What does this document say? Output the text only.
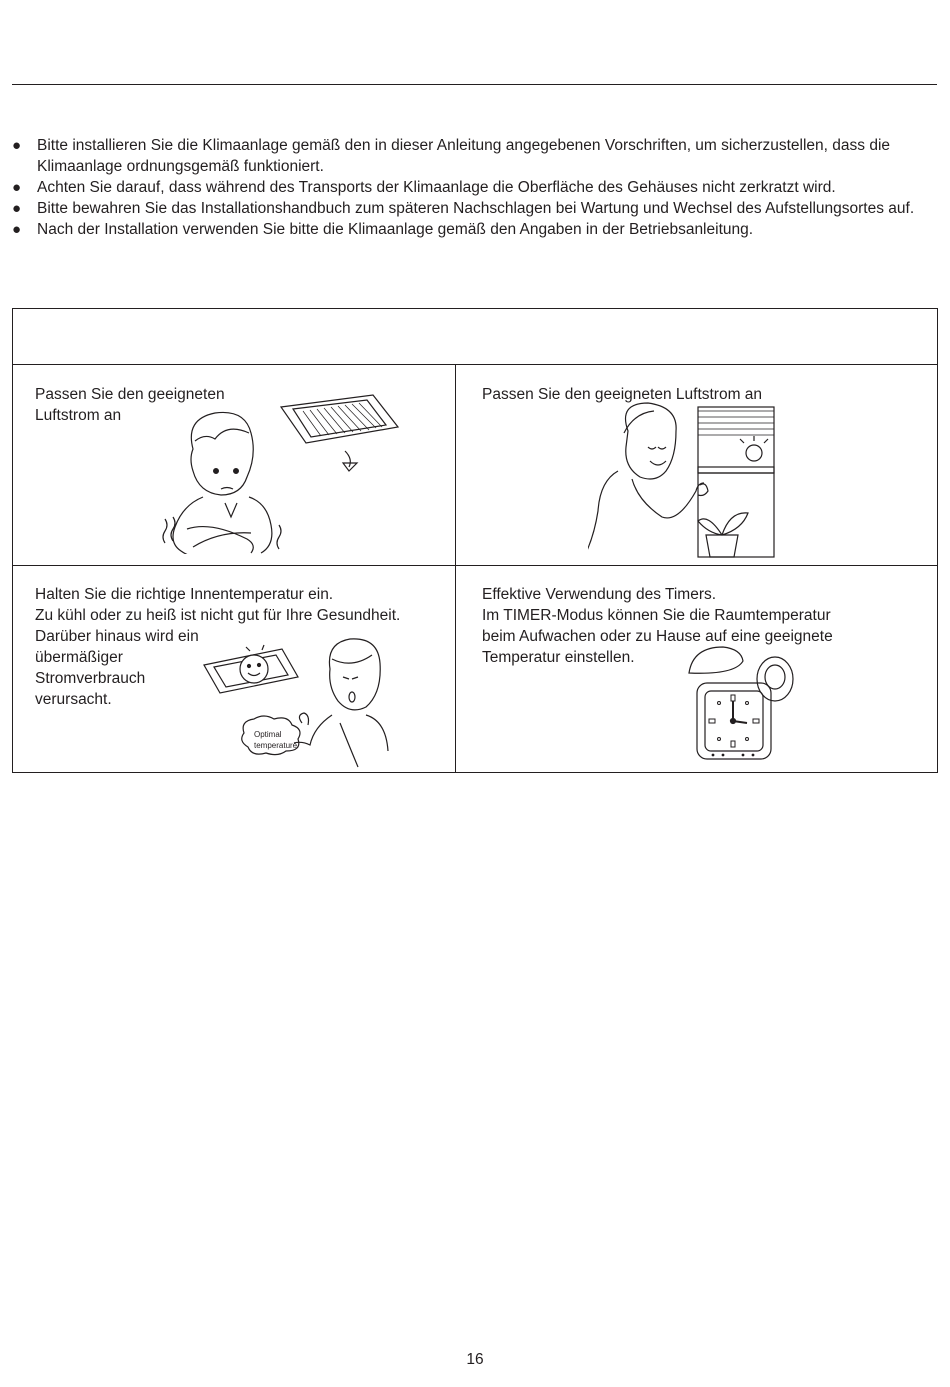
● Bitte installieren Sie die Klimaanlage gemäß den in dieser Anleitung angegebenen Vorschriften, um sicherzustellen, dass die Klimaanlage ordnungsgemäß funktioniert.
● Achten Sie darauf, dass während des Transports der Klimaanlage die Oberfläche des Gehäuses nicht zerkratzt wird.
● Bitte bewahren Sie das Installationshandbuch zum späteren Nachschlagen bei Wartung und Wechsel des Aufstellungsortes auf.
● Nach der Installation verwenden Sie bitte die Klimaanlage gemäß den Angaben in der Betriebsanleitung.
Passen Sie den geeigneten
Luftstrom an
Passen Sie den geeigneten Luftstrom an
Halten Sie die richtige Innentemperatur ein.
Zu kühl oder zu heiß ist nicht gut für Ihre Gesundheit.
Darüber hinaus wird ein
übermäßiger
Stromverbrauch
verursacht.
Optimal
temperature
Effektive Verwendung des Timers.
Im TIMER-Modus können Sie die Raumtemperatur
beim Aufwachen oder zu Hause auf eine geeignete
Temperatur einstellen.
16
